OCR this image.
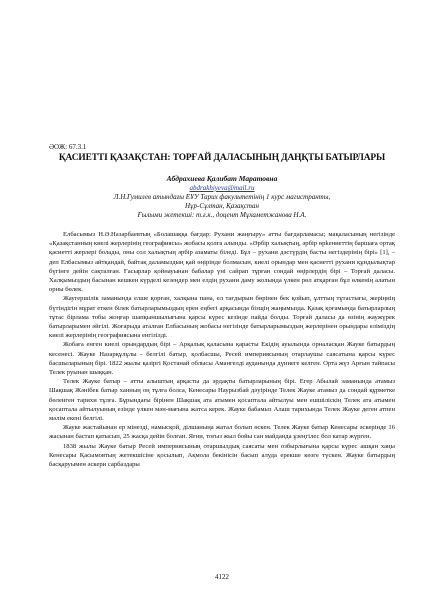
ӘОЖ: 67.3.1
ҚАСИЕТТІ ҚАЗАҚСТАН: ТОРҒАЙ ДАЛАСЫНЫҢ ДАҢҚТЫ БАТЫРЛАРЫ
Абдрахиева Қалибат Маратовна
abdrakhiyeva@mail.ru
Л.Н.Гумилев атындағы ЕҰУ Тарих факультетінің 1 курс магистранты,
Нұр-Сұлтан, Қазақстан
Ғылыми жетекші: т.ғ.к., доцент Мұхаметжанова Н.А.

Елбасымыз Н.Ә.Назарбаевтың «Болашаққа бағдар: Рухани жаңғыру» атты бағдарламасы; мақаласының негізінде «Қазақстанның киелі жерлерінің географиясы» жобасы қолға алынды. «Әрбір халықтың, әрбір өрkениеттің баршаға ортақ қасиетті жерлері болады, оны сол халықтың әрбір азаматы біледі. Бұл – рухани дәстүрдің басты негіздерінің бірі» [1], – деп Елбасымыз айтқандай, байтақ даламыздың қай өңірінде болмасын, киелі орындар мен қасиетті рухани құндылықтар бүгінге дейін сақталған. Ғасырлар қойнауынан бабалар үні сайрап тұрған сондай өңірлердің бірі – Торғай даласы. Халқымыздың басынан кешкен күрделі кезеңдер мен елдің рухани даму жолында үлкен рөл атқарған бұл өлкенің алатын орны бөлек.

Жаугершілік заманында елше қорған, халқына пана, ел тағдырын бөрінен бек қойып, ұлттың тұтастығы, жеріңнің бүтіндігін мұрат еткен білек батырларымыздың ерен еңбегі арқасында бізщің жаңымызда. Қазақ қоғамында батырларлың тұтас бірлама тобы жоңғар шапқыншылығына қарсы күрес кезінде пайда болды. Торғай даласы да өзінің жаужүрек батырларымен әйгілі. Жоғарыда аталған Елбасының жобасы негізінде батырларымыздың жерлерінен орындары еліміздің киелі жерлерінің географиясына енгізілді.

Жобаға енген киелі орындардың бірі – Арқалық қаласына қарасты Екідің ауылында орналасқан Жауке батырдың кесенесі. Жауке Назарқұлұлы - белгілі батыр, қолбасшы, Ресей империясының отарлаушы саясатына қарсы күрес басшыларының бірі. 1822 жылы қазіргі Қостанай облысы Амангелді ауданында дүниеге келген. Орта жүз Арғын тайпасы Телек руынан шыққан.

Телек Жауке батыр – атты алыштың арқасты да әрдақты батырларының бірі. Егер Абылай заманында атамыз Шақшақ Жәнібек батыр ханның оң тұлға болса, Кенесары Наурызбай дәуірінде Телек Жауке атамыз да сондай құрметке бөленген тарихи тұлға. Бұрындағы бірінен Шақшақ ата атымен қосаптала айтылуы мен ешшіліскің Телек ата атымен қосаптала айтылуының езінде үлкен мән-мағына жатса керек. Жауке бабамыз Алаш тарихында Телек Жауке деген атпен мәлім екені белгілі.

Жауке жастайынан ер мінезді, намысқой, ділшаныңа жатал болып өскен. Телек Жауке батыр Кенесары әскерінде 16 жасынан бастап қатысып, 25 жасқа дейін болған. Яғни, тоғыз жыл бойы сан майданда ұзеңгілес бол катар жүрген.

1838 жылы Жауке батыр Ресей империясының отаршылдық саясаты мен озбырлығына қарсы күрес ашқан хаңы Кенесары Қасымовтың жетекшісіне қосылып, Ақмола бекінісін басып алуда ерекше көзге түскен. Жауке батырдың басқаруымен әскери сарбаздары

4122
